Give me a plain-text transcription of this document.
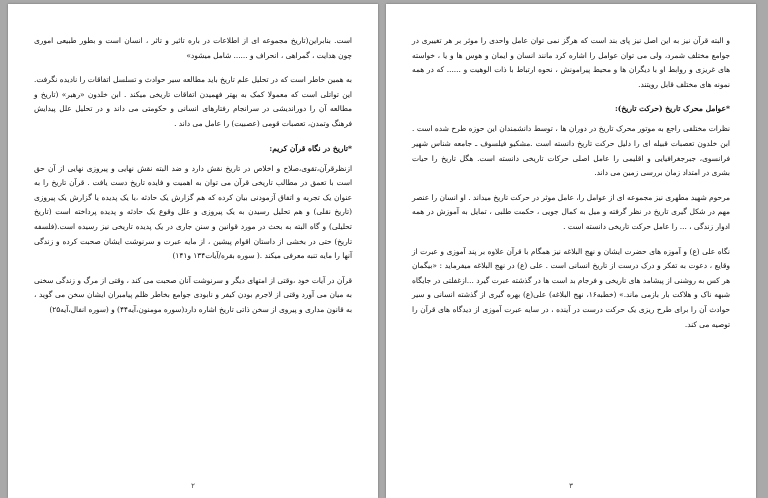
است. بنابراین(تاریخ مجموعه ای از اطلاعات در باره تاثیر و تاثر ، انسان است و بطور طبیعی اموری چون هدایت ، گمراهی ، انحراف و ...... شامل میشود»

به همین خاطر است که در تحلیل علم تاریخ باید مطالعه سیر حوادث و تسلسل اتفاقات را نادیده نگرفت. این تواتلی است که معمولا کمک به بهتر فهمیدن اتفاقات تاریخی میکند . ابن خلدون «رهبر» (تاریخ و مطالعه آن را دوراندیشی در سرانجام رفتارهای انسانی و حکومتی می داند و در تحلیل علل پیدایش فرهنگ وتمدن، تعصبات قومی (عصبیت) را عامل می داند .

*تاریخ در نگاه قرآن کریم:

ازنظرقرآن،تقوی،صلاح و اخلاص در تاریخ نقش دارد و ضد البته نقش نهایی و پیروزی نهایی از آن حق است با تعمق در مطالب تاریخی قرآن می توان به اهمیت و فایده تاریخ دست یافت . قرآن تاریخ را به عنوان یک تجربه و اتفاق آزمودنی بیان کرده که هم گزارش یک حادثه ،یا یک پدیده یا گزارش یک پیروزی (تاریخ نقلی) و هم تحلیل رسیدن به یک پیروزی و علل وقوع یک حادثه و پدیده پرداخته است (تاریخ تحلیلی) و گاه البته به بحث در مورد قوانین و سنن جاری در یک پدیده تاریخی نیز رسیده است.(فلسفه تاریخ) حتی در بخشی از داستان اقوام پیشین ، از مایه عبرت و سرنوشت ایشان صحبت کرده و زندگی آنها را مایه تنبه معرفی میکند .( سوره بقره/آیات۱۳۴ و۱۴۱)

قرآن در آیات خود ،وقتی از امتهای دیگر و سرنوشت آنان صحبت می کند ، وقتی از مرگ و زندگی سخنی به میان می آورد وقتی از لاجرم بودن کیفر و نابودی جوامع بخاطر ظلم پیامبران ایشان سخن می گوید ، به قانون مداری و پیروی از سخن ذاتی تاریخ اشاره دارد(سوره مومنون،آیه۴۴) و (سوره انفال،آیه۲۵)

۲

و البته قرآن نیز به این اصل نیز پای بند است که هرگز نمی توان عامل واحدی را موثر بر هر تغییری در جوامع مختلف شمرد، ولی می توان عوامل را اشاره کرد مانند انسان و ایمان و هوس ها و یا ، خواسته های غریزی و روابط او با دیگران ها و محیط پیرامونش ، نحوه ارتباط با ذات الوهیت و ...... که در همه نمونه های مختلف قابل رویتند.

*عوامل محرک تاریخ (حرکت تاریخ):

نظرات مختلفی راجع به موتور محرک تاریخ در دوران ها ، توسط دانشمندان این حوزه طرح شده است . ابن خلدون تعصبات قبیله ای را دلیل حرکت تاریخ دانسته است .مشکیو فیلسوف ـ جامعه شناس شهیر فرانسوی، جبرجغرافیایی و اقلیمی را عامل اصلی حرکات تاریخی دانسته است. هگل تاریخ را حیات بشری در امتداد زمان بررسی زمین می داند.

مرحوم شهید مطهری نیز مجموعه ای از عوامل را، عامل موثر در حرکت تاریخ میداند . او انسان را عنصر مهم در شکل گیری تاریخ در نظر گرفته و میل به کمال جویی ، حکمت طلبی ، تمایل به آموزش در همه ادوار زندگی ، ... را عامل حرکت تاریخی دانسته است .

نگاه علی (ع) و آموزه های حضرت ایشان و نهج البلاغه نیز همگام با قرآن علاوه بر پند آموزی و عبرت از وقایع ، دعوت به تفکر و درک درست از تاریخ انسانی است . علی (ع) در نهج البلاغه میفرماید : «بیگمان هر کس به روشنی از پیشامد های تاریخی و فرجام بد است ها در گذشته عبرت گیرد ...ازغفلتی در جایگاه شبهه ناک و هلاکت بار بازمی ماند.» (خطبه۱۶، نهج البلاغه) علی(ع) بهره گیری از گذشته انسانی و سیر حوادث آن را برای طرح ریزی یک حرکت درست در آینده ، در سایه عبرت آموزی از دیدگاه های قرآن را توصیه می کند.

۳
